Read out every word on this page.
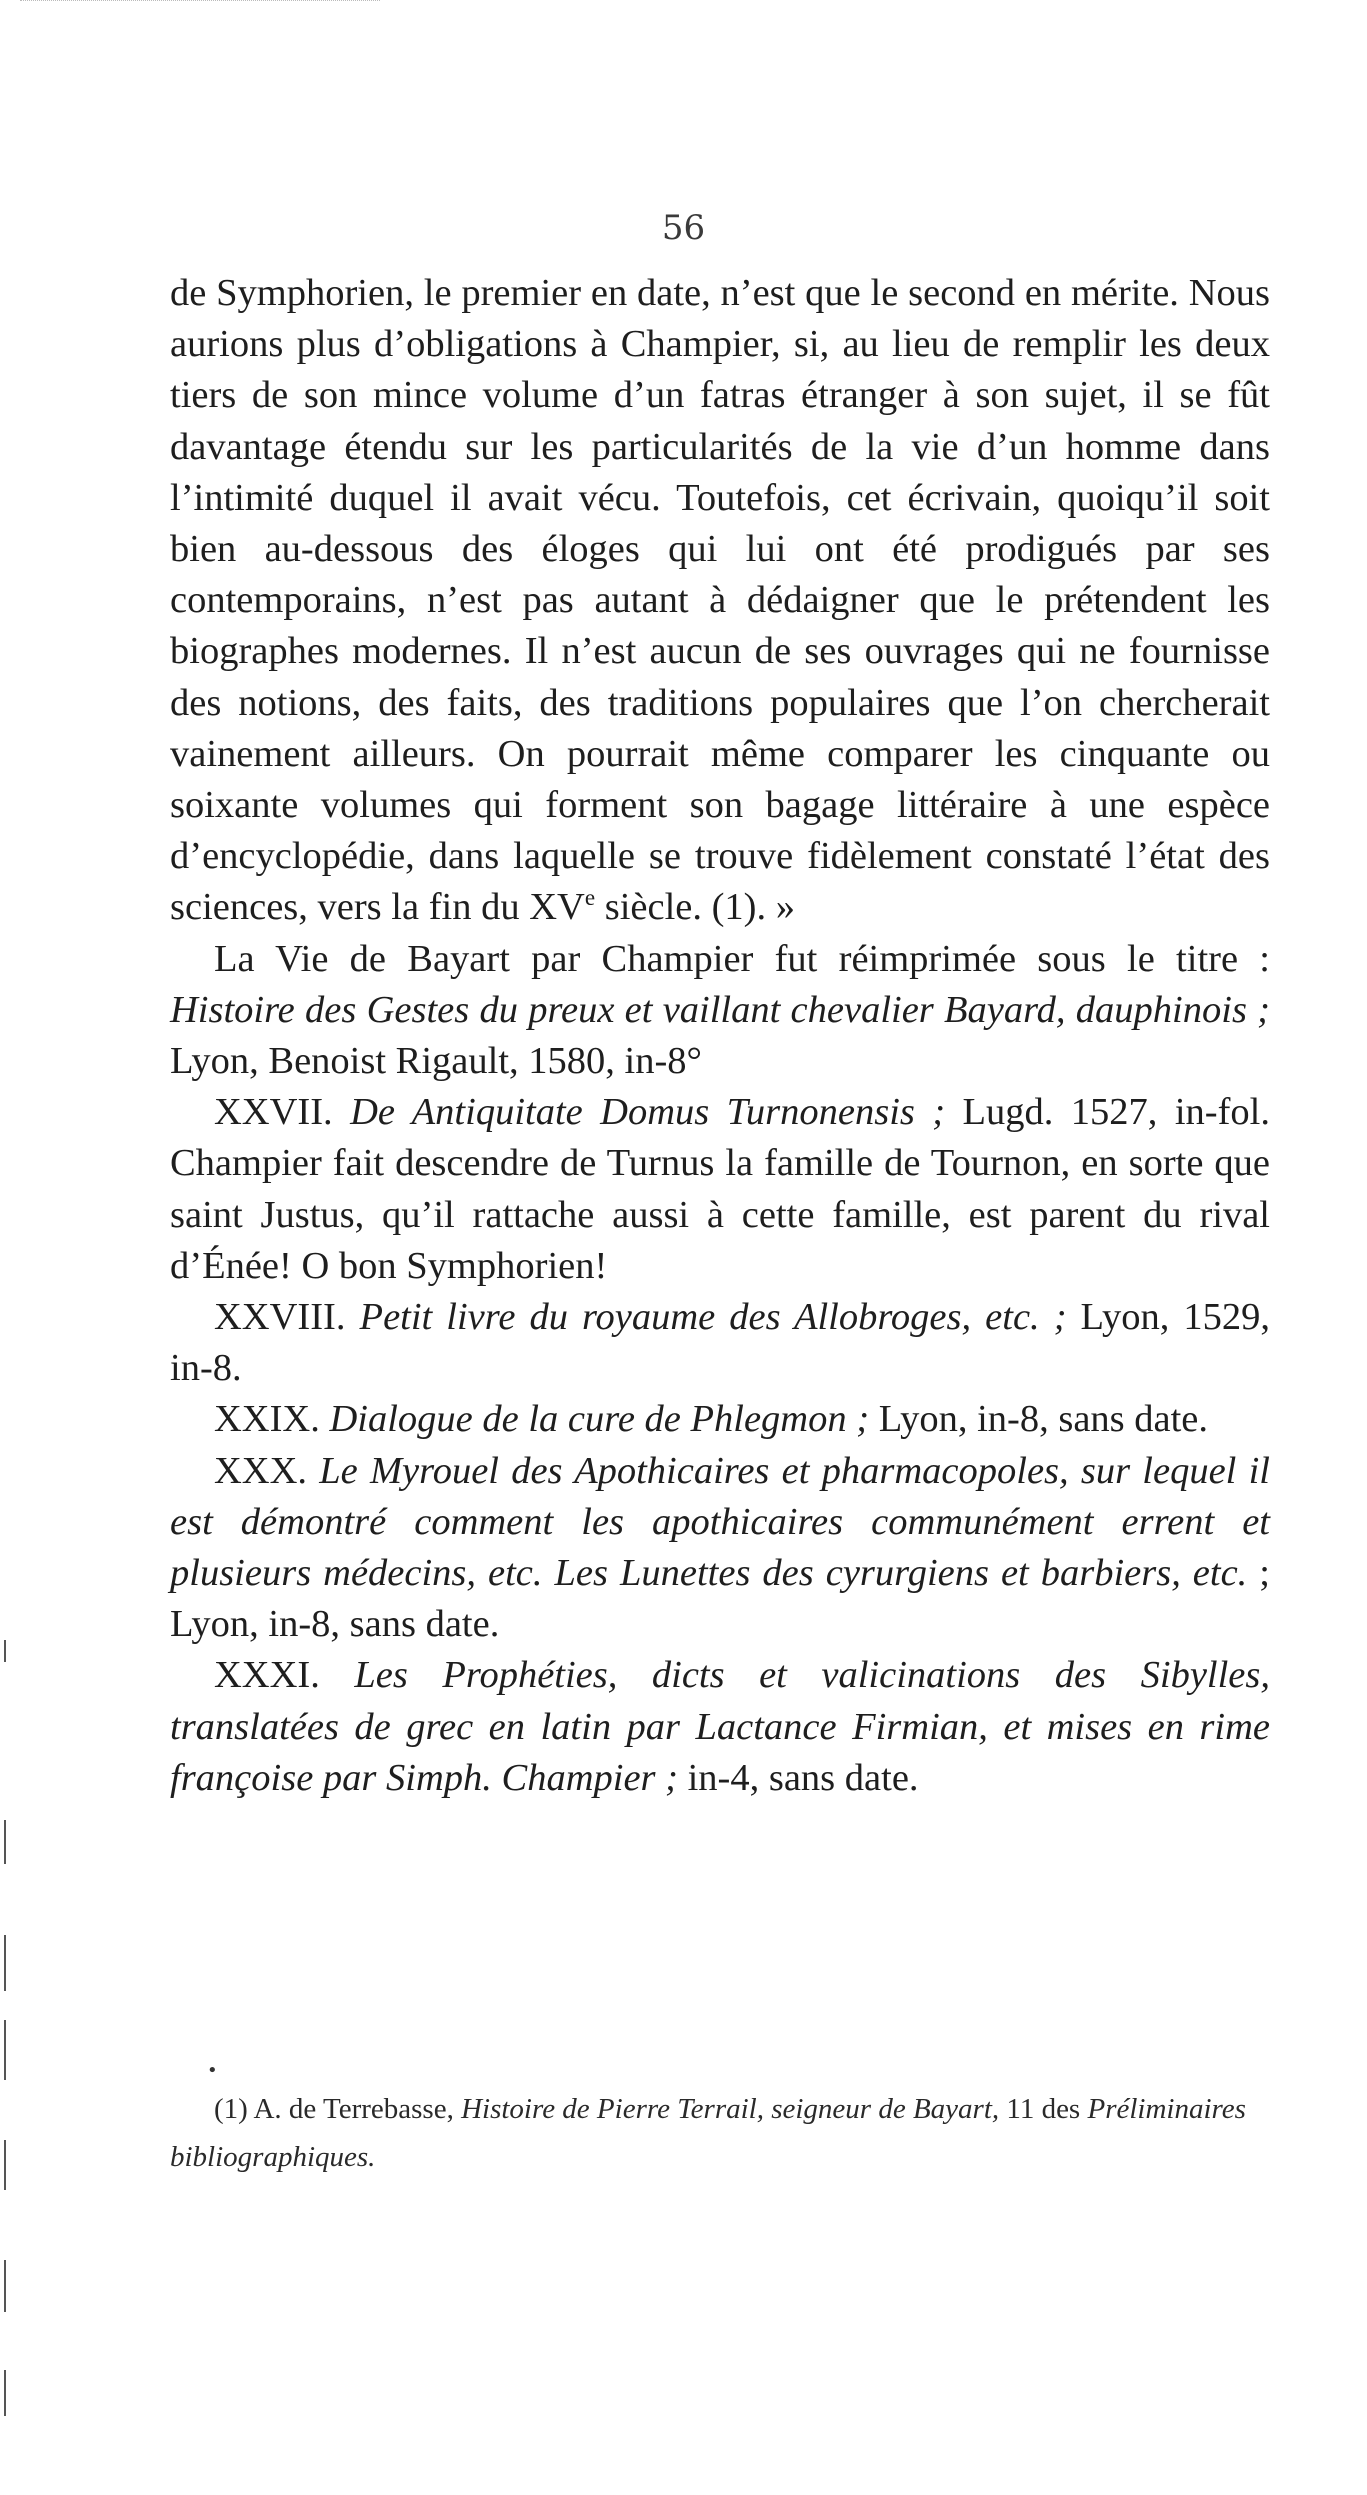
56

de Symphorien, le premier en date, n’est que le second en mérite. Nous aurions plus d’obligations à Champier, si, au lieu de remplir les deux tiers de son mince volume d’un fatras étranger à son sujet, il se fût davantage étendu sur les particularités de la vie d’un homme dans l’intimité duquel il avait vécu. Toutefois, cet écrivain, quoiqu’il soit bien au-dessous des éloges qui lui ont été prodigués par ses contemporains, n’est pas autant à dédaigner que le prétendent les biographes modernes. Il n’est aucun de ses ouvrages qui ne fournisse des notions, des faits, des traditions populaires que l’on chercherait vainement ailleurs. On pourrait même comparer les cinquante ou soixante volumes qui forment son bagage littéraire à une espèce d’encyclopédie, dans laquelle se trouve fidèlement constaté l’état des sciences, vers la fin du XVe siècle. (1). »

La Vie de Bayart par Champier fut réimprimée sous le titre : Histoire des Gestes du preux et vaillant chevalier Bayard, dauphinois ; Lyon, Benoist Rigault, 1580, in-8°

XXVII. De Antiquitate Domus Turnonensis ; Lugd. 1527, in-fol. Champier fait descendre de Turnus la famille de Tournon, en sorte que saint Justus, qu’il rattache aussi à cette famille, est parent du rival d’Énée! O bon Symphorien!

XXVIII. Petit livre du royaume des Allobroges, etc. ; Lyon, 1529, in-8.

XXIX. Dialogue de la cure de Phlegmon ; Lyon, in-8, sans date.

XXX. Le Myrouel des Apothicaires et pharmacopoles, sur lequel il est démontré comment les apothicaires communément errent et plusieurs médecins, etc. Les Lunettes des cyrurgiens et barbiers, etc. ; Lyon, in-8, sans date.

XXXI. Les Prophéties, dicts et valicinations des Sibylles, translatées de grec en latin par Lactance Firmian, et mises en rime françoise par Simph. Champier ; in-4, sans date.

•

(1) A. de Terrebasse, Histoire de Pierre Terrail, seigneur de Bayart, 11 des Préliminaires bibliographiques.
